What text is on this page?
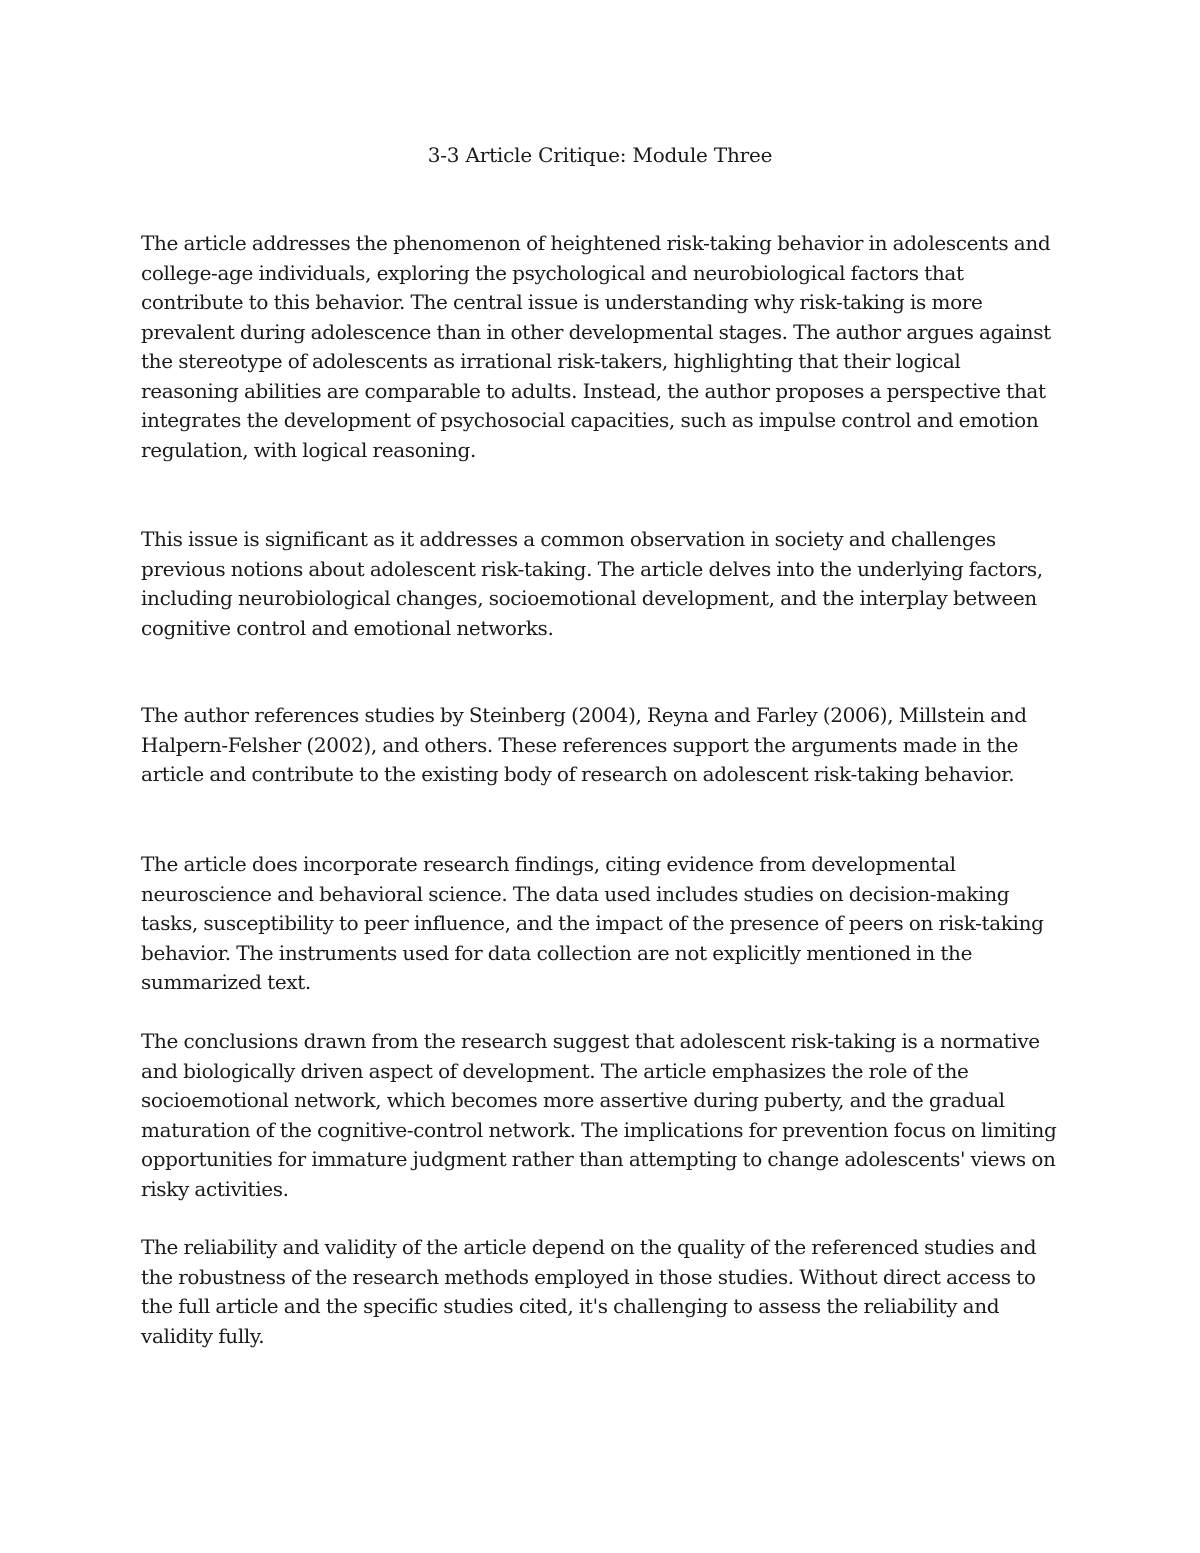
3-3 Article Critique: Module Three

The article addresses the phenomenon of heightened risk-taking behavior in adolescents and college-age individuals, exploring the psychological and neurobiological factors that contribute to this behavior. The central issue is understanding why risk-taking is more prevalent during adolescence than in other developmental stages. The author argues against the stereotype of adolescents as irrational risk-takers, highlighting that their logical reasoning abilities are comparable to adults. Instead, the author proposes a perspective that integrates the development of psychosocial capacities, such as impulse control and emotion regulation, with logical reasoning.

This issue is significant as it addresses a common observation in society and challenges previous notions about adolescent risk-taking. The article delves into the underlying factors, including neurobiological changes, socioemotional development, and the interplay between cognitive control and emotional networks.

The author references studies by Steinberg (2004), Reyna and Farley (2006), Millstein and Halpern-Felsher (2002), and others. These references support the arguments made in the article and contribute to the existing body of research on adolescent risk-taking behavior.

The article does incorporate research findings, citing evidence from developmental neuroscience and behavioral science. The data used includes studies on decision-making tasks, susceptibility to peer influence, and the impact of the presence of peers on risk-taking behavior. The instruments used for data collection are not explicitly mentioned in the summarized text.

The conclusions drawn from the research suggest that adolescent risk-taking is a normative and biologically driven aspect of development. The article emphasizes the role of the socioemotional network, which becomes more assertive during puberty, and the gradual maturation of the cognitive-control network. The implications for prevention focus on limiting opportunities for immature judgment rather than attempting to change adolescents' views on risky activities.

The reliability and validity of the article depend on the quality of the referenced studies and the robustness of the research methods employed in those studies. Without direct access to the full article and the specific studies cited, it's challenging to assess the reliability and validity fully.
